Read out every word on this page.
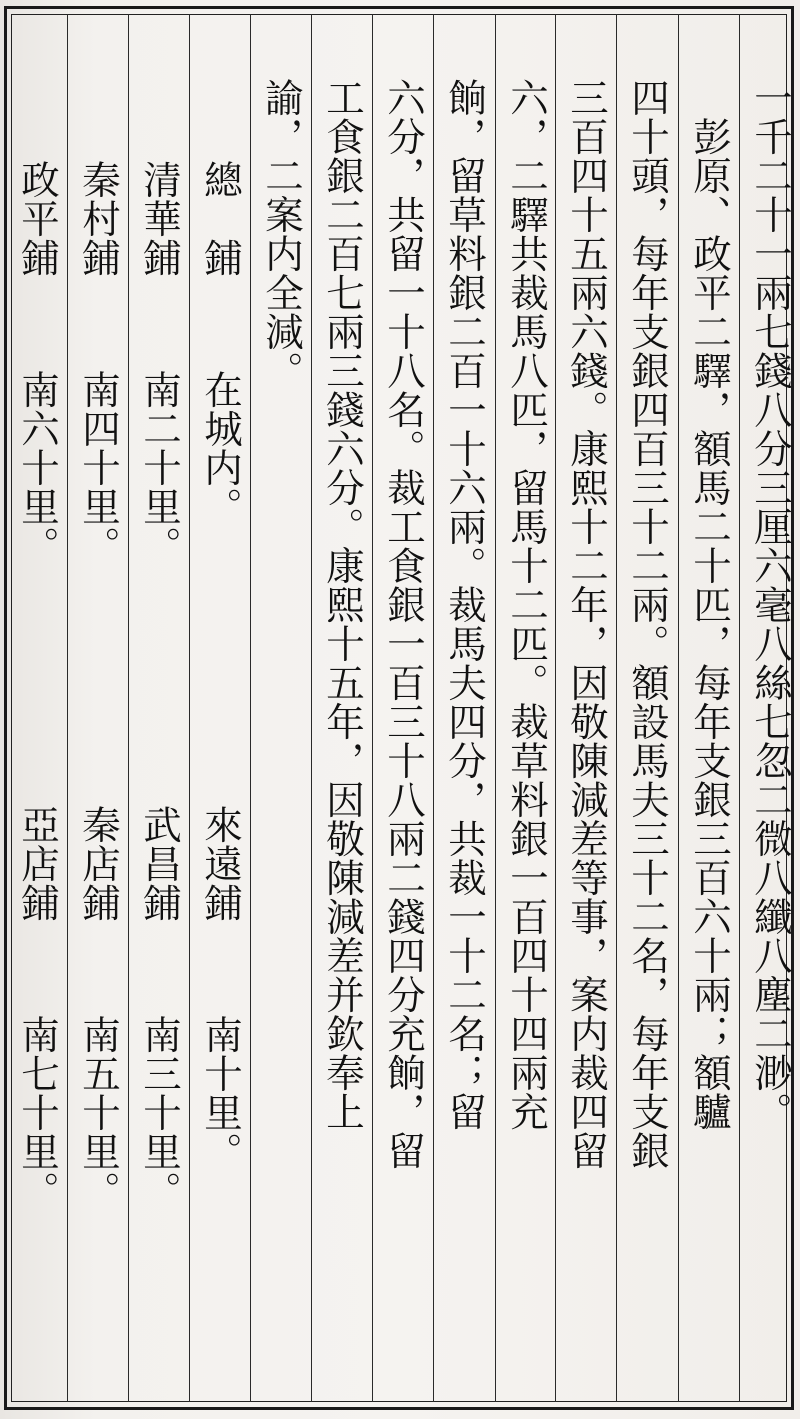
一千二十一兩七錢八分三厘六毫八絲七忽二微八纖八塵二渺。
　彭原、政平二驛，額馬二十匹，每年支銀三百六十兩；額驢
四十頭，每年支銀四百三十二兩。額設馬夫三十二名，每年支銀
三百四十五兩六錢。康熙十二年，因敬陳減差等事，案内裁四留
六，二驛共裁馬八匹，留馬十二匹。裁草料銀一百四十四兩充
餉，留草料銀二百一十六兩。裁馬夫四分，共裁一十二名；留
六分，共留一十八名。裁工食銀一百三十八兩二錢四分充餉，留
工食銀二百七兩三錢六分。康熙十五年，因敬陳減差并欽奉上
諭，二案内全減。
總　鋪
在城内。
清華鋪
南二十里。
秦村鋪
南四十里。
政平鋪
南六十里。
來遠鋪
南十里。
武昌鋪
南三十里。
秦店鋪
南五十里。
亞店鋪
南七十里。
